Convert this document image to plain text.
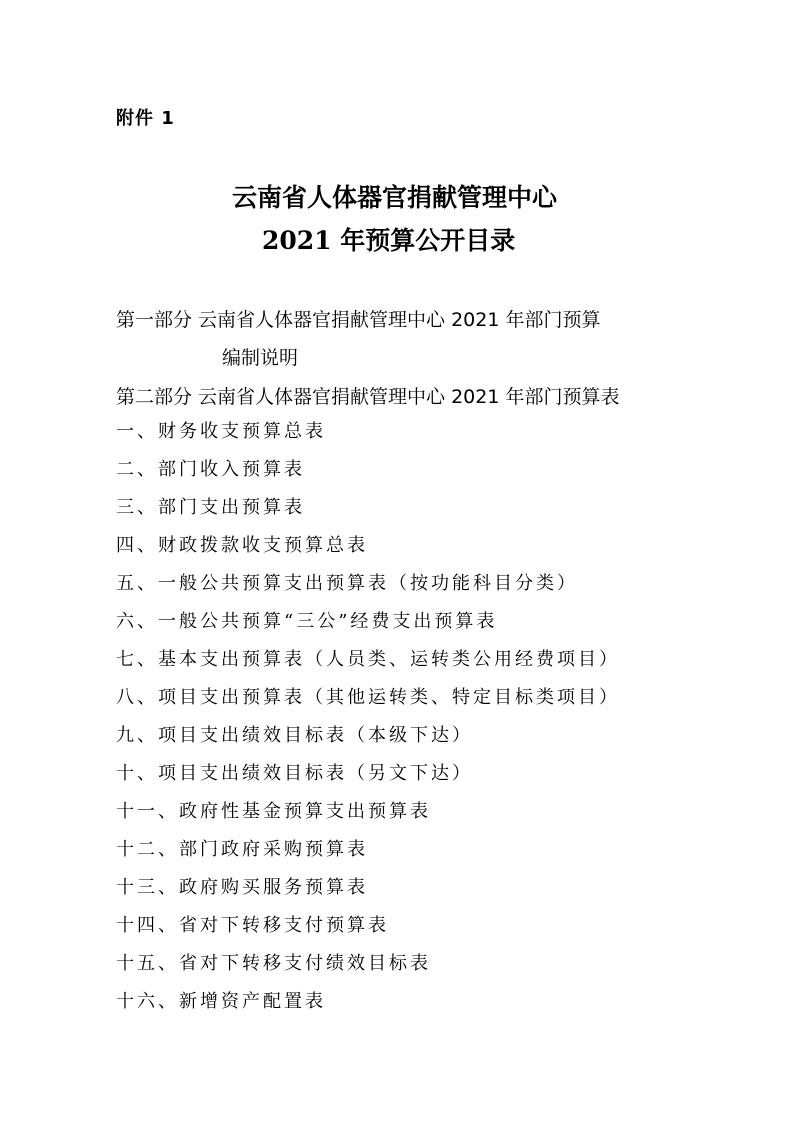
附件 1
云南省人体器官捐献管理中心
2021 年预算公开目录
第一部分 云南省人体器官捐献管理中心 2021 年部门预算
编制说明
第二部分 云南省人体器官捐献管理中心 2021 年部门预算表
一、财务收支预算总表
二、部门收入预算表
三、部门支出预算表
四、财政拨款收支预算总表
五、一般公共预算支出预算表（按功能科目分类）
六、一般公共预算“三公”经费支出预算表
七、基本支出预算表（人员类、运转类公用经费项目）
八、项目支出预算表（其他运转类、特定目标类项目）
九、项目支出绩效目标表（本级下达）
十、项目支出绩效目标表（另文下达）
十一、政府性基金预算支出预算表
十二、部门政府采购预算表
十三、政府购买服务预算表
十四、省对下转移支付预算表
十五、省对下转移支付绩效目标表
十六、新增资产配置表
